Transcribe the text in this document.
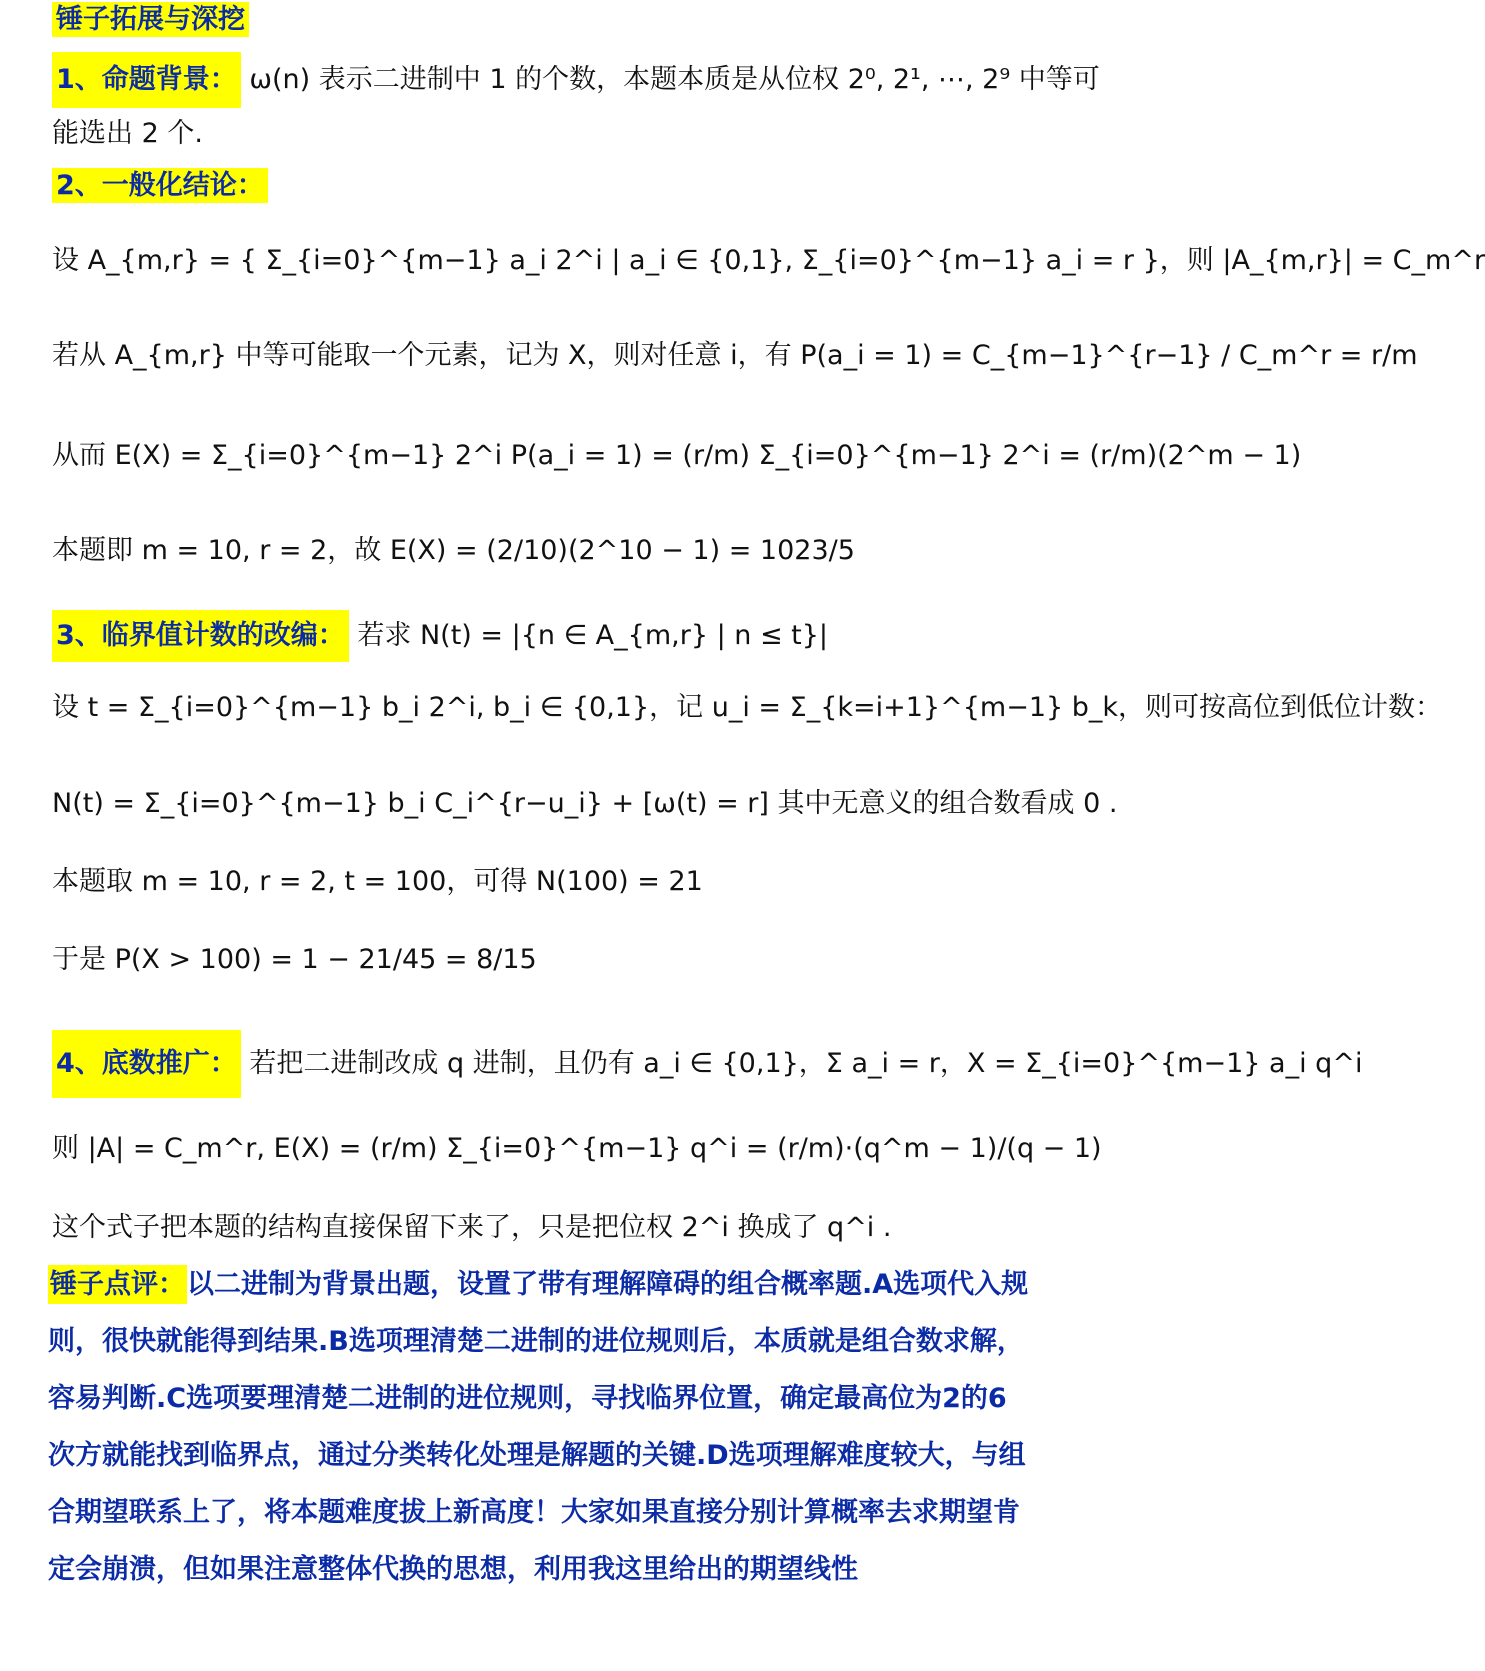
锤子拓展与深挖
1、命题背景： ω(n) 表示二进制中 1 的个数，本题本质是从位权 2⁰, 2¹, ⋯, 2⁹ 中等可
能选出 2 个.
2、一般化结论：
设 A_{m,r} = { Σ_{i=0}^{m−1} a_i 2^i | a_i ∈ {0,1}, Σ_{i=0}^{m−1} a_i = r }，则 |A_{m,r}| = C_m^r
若从 A_{m,r} 中等可能取一个元素，记为 X，则对任意 i，有 P(a_i = 1) = C_{m−1}^{r−1} / C_m^r = r/m
从而 E(X) = Σ_{i=0}^{m−1} 2^i P(a_i = 1) = (r/m) Σ_{i=0}^{m−1} 2^i = (r/m)(2^m − 1)
本题即 m = 10, r = 2，故 E(X) = (2/10)(2^10 − 1) = 1023/5
3、临界值计数的改编： 若求 N(t) = |{n ∈ A_{m,r} | n ≤ t}|
设 t = Σ_{i=0}^{m−1} b_i 2^i, b_i ∈ {0,1}，记 u_i = Σ_{k=i+1}^{m−1} b_k，则可按高位到低位计数：
N(t) = Σ_{i=0}^{m−1} b_i C_i^{r−u_i} + [ω(t) = r] 其中无意义的组合数看成 0 .
本题取 m = 10, r = 2, t = 100，可得 N(100) = 21
于是 P(X > 100) = 1 − 21/45 = 8/15
4、底数推广： 若把二进制改成 q 进制，且仍有 a_i ∈ {0,1}，Σ a_i = r，X = Σ_{i=0}^{m−1} a_i q^i
则 |A| = C_m^r, E(X) = (r/m) Σ_{i=0}^{m−1} q^i = (r/m)·(q^m − 1)/(q − 1)
这个式子把本题的结构直接保留下来了，只是把位权 2^i 换成了 q^i .
锤子点评：以二进制为背景出题，设置了带有理解障碍的组合概率题.A选项代入规则，很快就能得到结果.B选项理清楚二进制的进位规则后，本质就是组合数求解，容易判断.C选项要理清楚二进制的进位规则，寻找临界位置，确定最高位为2的6次方就能找到临界点，通过分类转化处理是解题的关键.D选项理解难度较大，与组合期望联系上了，将本题难度拔上新高度！大家如果直接分别计算概率去求期望肯定会崩溃，但如果注意整体代换的思想，利用我这里给出的期望线性
